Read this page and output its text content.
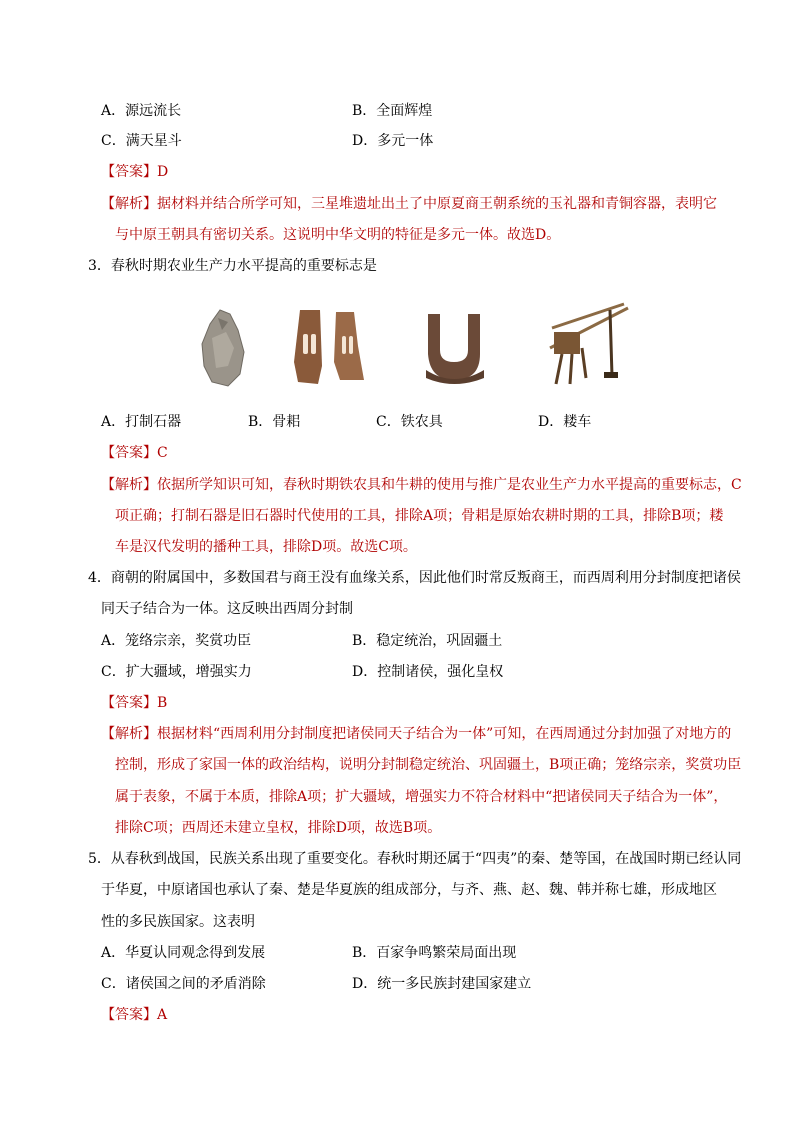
A．源远流长	B．全面辉煌
C．满天星斗	D．多元一体
【答案】D
【解析】据材料并结合所学可知，三星堆遗址出土了中原夏商王朝系统的玉礼器和青铜容器，表明它
与中原王朝具有密切关系。这说明中华文明的特征是多元一体。故选D。
3．春秋时期农业生产力水平提高的重要标志是
A．打制石器	B．骨耜	C．铁农具	D．耧车
【答案】C
【解析】依据所学知识可知，春秋时期铁农具和牛耕的使用与推广是农业生产力水平提高的重要标志，C
项正确；打制石器是旧石器时代使用的工具，排除A项；骨耜是原始农耕时期的工具，排除B项；耧
车是汉代发明的播种工具，排除D项。故选C项。
4．商朝的附属国中，多数国君与商王没有血缘关系，因此他们时常反叛商王，而西周利用分封制度把诸侯
同天子结合为一体。这反映出西周分封制
A．笼络宗亲，奖赏功臣	B．稳定统治，巩固疆土
C．扩大疆域，增强实力	D．控制诸侯，强化皇权
【答案】B
【解析】根据材料“西周利用分封制度把诸侯同天子结合为一体”可知，在西周通过分封加强了对地方的
控制，形成了家国一体的政治结构，说明分封制稳定统治、巩固疆土，B项正确；笼络宗亲，奖赏功臣
属于表象，不属于本质，排除A项；扩大疆域，增强实力不符合材料中“把诸侯同天子结合为一体”，
排除C项；西周还未建立皇权，排除D项，故选B项。
5．从春秋到战国，民族关系出现了重要变化。春秋时期还属于“四夷”的秦、楚等国，在战国时期已经认同
于华夏，中原诸国也承认了秦、楚是华夏族的组成部分，与齐、燕、赵、魏、韩并称七雄，形成地区
性的多民族国家。这表明
A．华夏认同观念得到发展	B．百家争鸣繁荣局面出现
C．诸侯国之间的矛盾消除	D．统一多民族封建国家建立
【答案】A
